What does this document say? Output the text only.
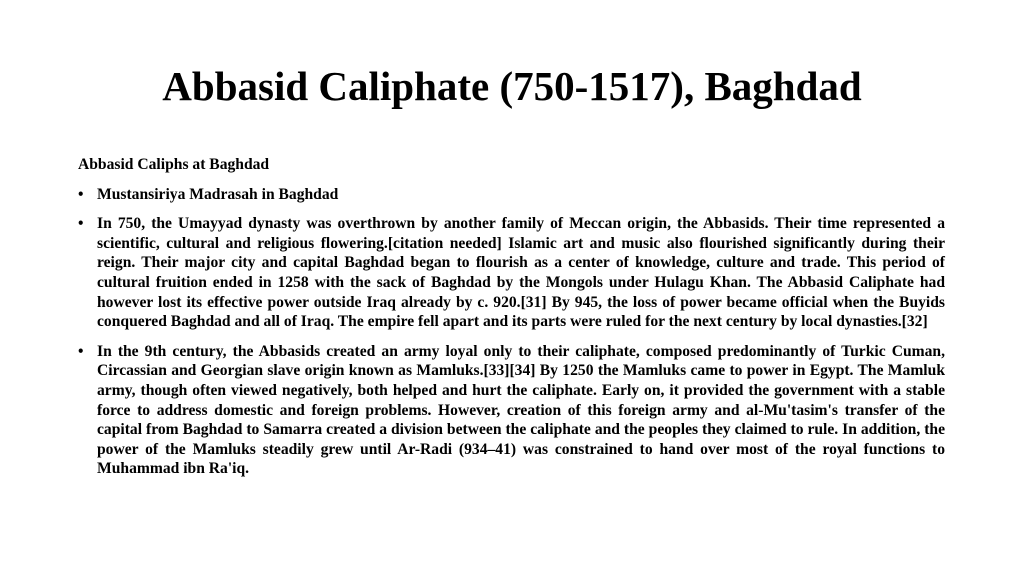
Abbasid Caliphate (750-1517), Baghdad

Abbasid Caliphs at Baghdad

• Mustansiriya Madrasah in Baghdad
• In 750, the Umayyad dynasty was overthrown by another family of Meccan origin, the Abbasids. Their time represented a scientific, cultural and religious flowering.[citation needed] Islamic art and music also flourished significantly during their reign. Their major city and capital Baghdad began to flourish as a center of knowledge, culture and trade. This period of cultural fruition ended in 1258 with the sack of Baghdad by the Mongols under Hulagu Khan. The Abbasid Caliphate had however lost its effective power outside Iraq already by c. 920.[31] By 945, the loss of power became official when the Buyids conquered Baghdad and all of Iraq. The empire fell apart and its parts were ruled for the next century by local dynasties.[32]
• In the 9th century, the Abbasids created an army loyal only to their caliphate, composed predominantly of Turkic Cuman, Circassian and Georgian slave origin known as Mamluks.[33][34] By 1250 the Mamluks came to power in Egypt. The Mamluk army, though often viewed negatively, both helped and hurt the caliphate. Early on, it provided the government with a stable force to address domestic and foreign problems. However, creation of this foreign army and al-Mu'tasim's transfer of the capital from Baghdad to Samarra created a division between the caliphate and the peoples they claimed to rule. In addition, the power of the Mamluks steadily grew until Ar-Radi (934–41) was constrained to hand over most of the royal functions to Muhammad ibn Ra'iq.
